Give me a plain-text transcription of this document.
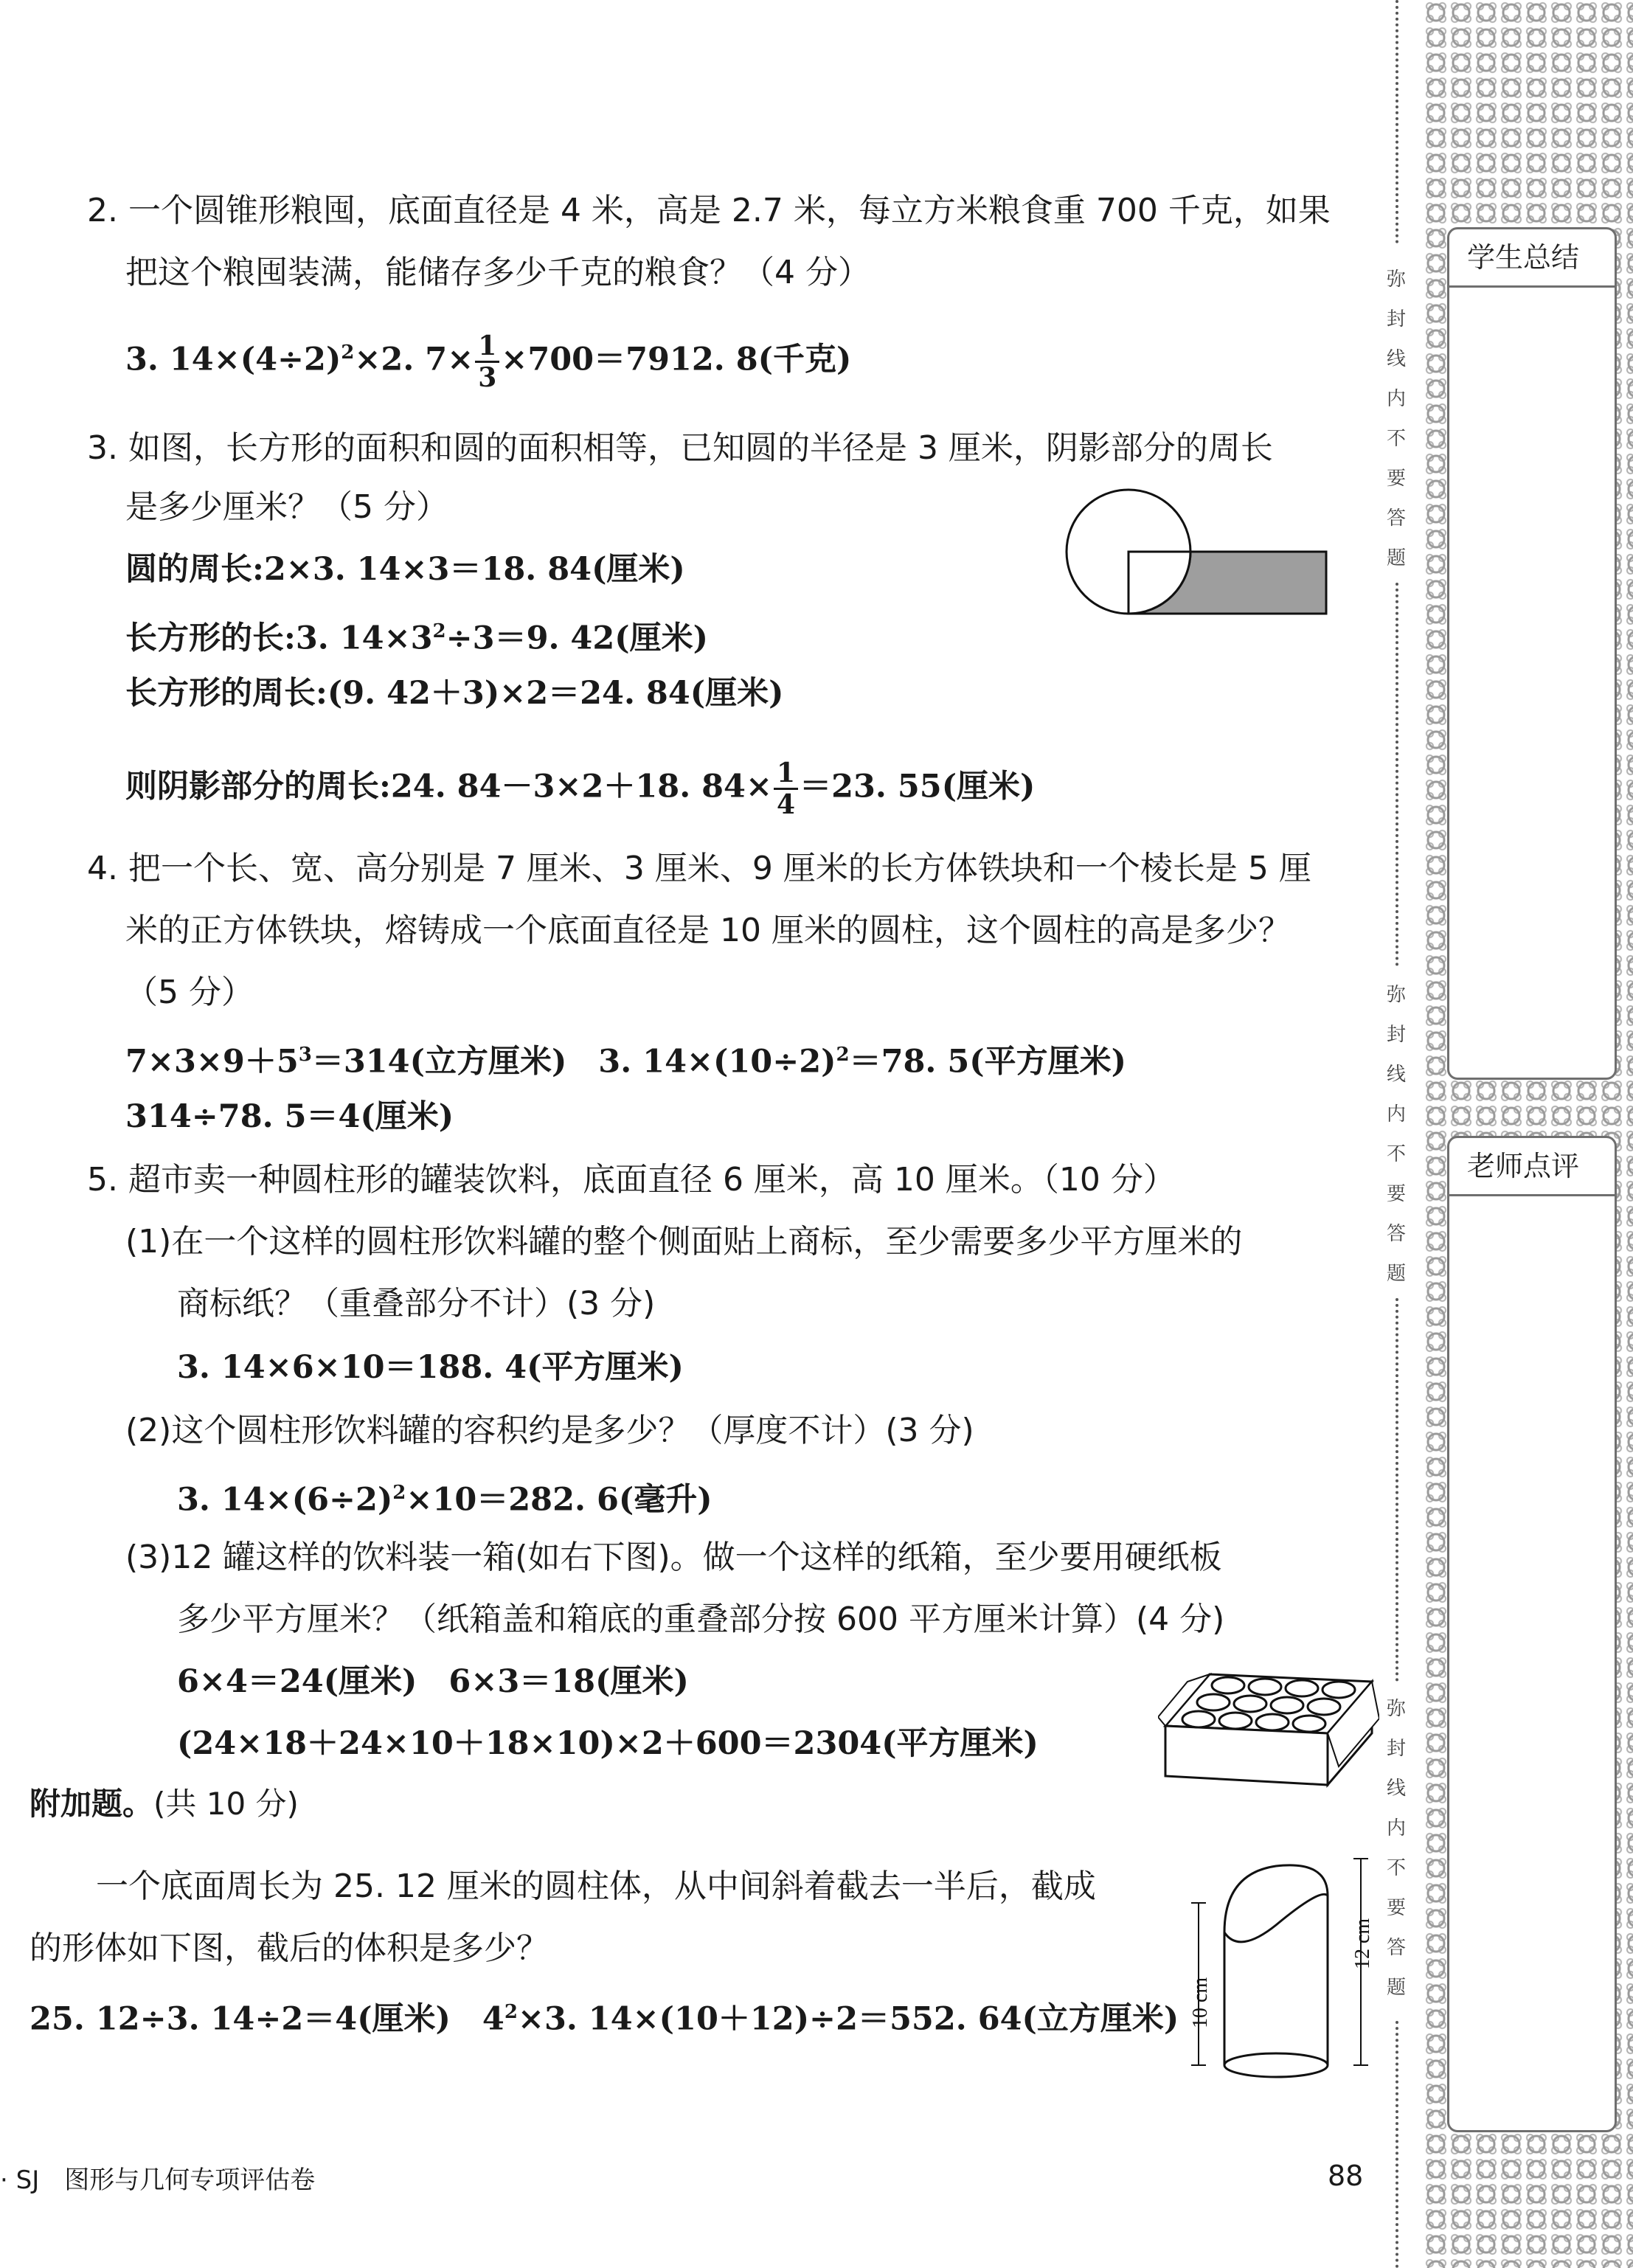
学生总结
老师点评
弥
封
线
内
不
要
答
题
弥
封
线
内
不
要
答
题
弥
封
线
内
不
要
答
题
2. 一个圆锥形粮囤，底面直径是 4 米，高是 2.7 米，每立方米粮食重 700 千克，如果
把这个粮囤装满，能储存多少千克的粮食？（4 分）
3. $14\times(4\div 2)^2\times 2$. $7\times \frac{1}{3} \times 700=7912$. 8(千克)
3. 如图，长方形的面积和圆的面积相等，已知圆的半径是 3 厘米，阴影部分的周长
是多少厘米？（5 分）
圆的周长:2×3. 14×3＝18. 84(厘米)
长方形的长:3. $14\times 3^2\div 3=9$. 42(厘米)
长方形的周长:(9. 42＋3)×2＝24. 84(厘米)
则阴影部分的周长:24. 84－3×2＋18. $84\times \frac{1}{4} =23$. 55(厘米)
4. 把一个长、宽、高分别是 7 厘米、3 厘米、9 厘米的长方体铁块和一个棱长是 5 厘
米的正方体铁块，熔铸成一个底面直径是 10 厘米的圆柱，这个圆柱的高是多少？
（5 分）
$7\times 3\times 9+5^3=314$(立方厘米)　3. $14\times(10\div 2)^2=78$. 5(平方厘米)
314÷78. 5＝4(厘米)
5. 超市卖一种圆柱形的罐装饮料，底面直径 6 厘米，高 10 厘米。（10 分）
(1)在一个这样的圆柱形饮料罐的整个侧面贴上商标，至少需要多少平方厘米的
商标纸？（重叠部分不计）(3 分)
3. 14×6×10＝188. 4(平方厘米)
(2)这个圆柱形饮料罐的容积约是多少？（厚度不计）(3 分)
3. $14\times(6\div 2)^2\times 10=282$. 6(毫升)
(3)12 罐这样的饮料装一箱(如右下图)。做一个这样的纸箱，至少要用硬纸板
多少平方厘米？（纸箱盖和箱底的重叠部分按 600 平方厘米计算）(4 分)
6×4＝24(厘米)　6×3＝18(厘米)
(24×18＋24×10＋18×10)×2＋600＝2304(平方厘米)
附加题。(共 10 分)
一个底面周长为 25. 12 厘米的圆柱体，从中间斜着截去一半后，截成
的形体如下图，截后的体积是多少？
25. 12÷3. 14÷2＝4(厘米)　$4^2\times 3$. 14×(10＋12)÷2＝552. 64(立方厘米) 10 cm
12 cm
· SJ　图形与几何专项评估卷	88
